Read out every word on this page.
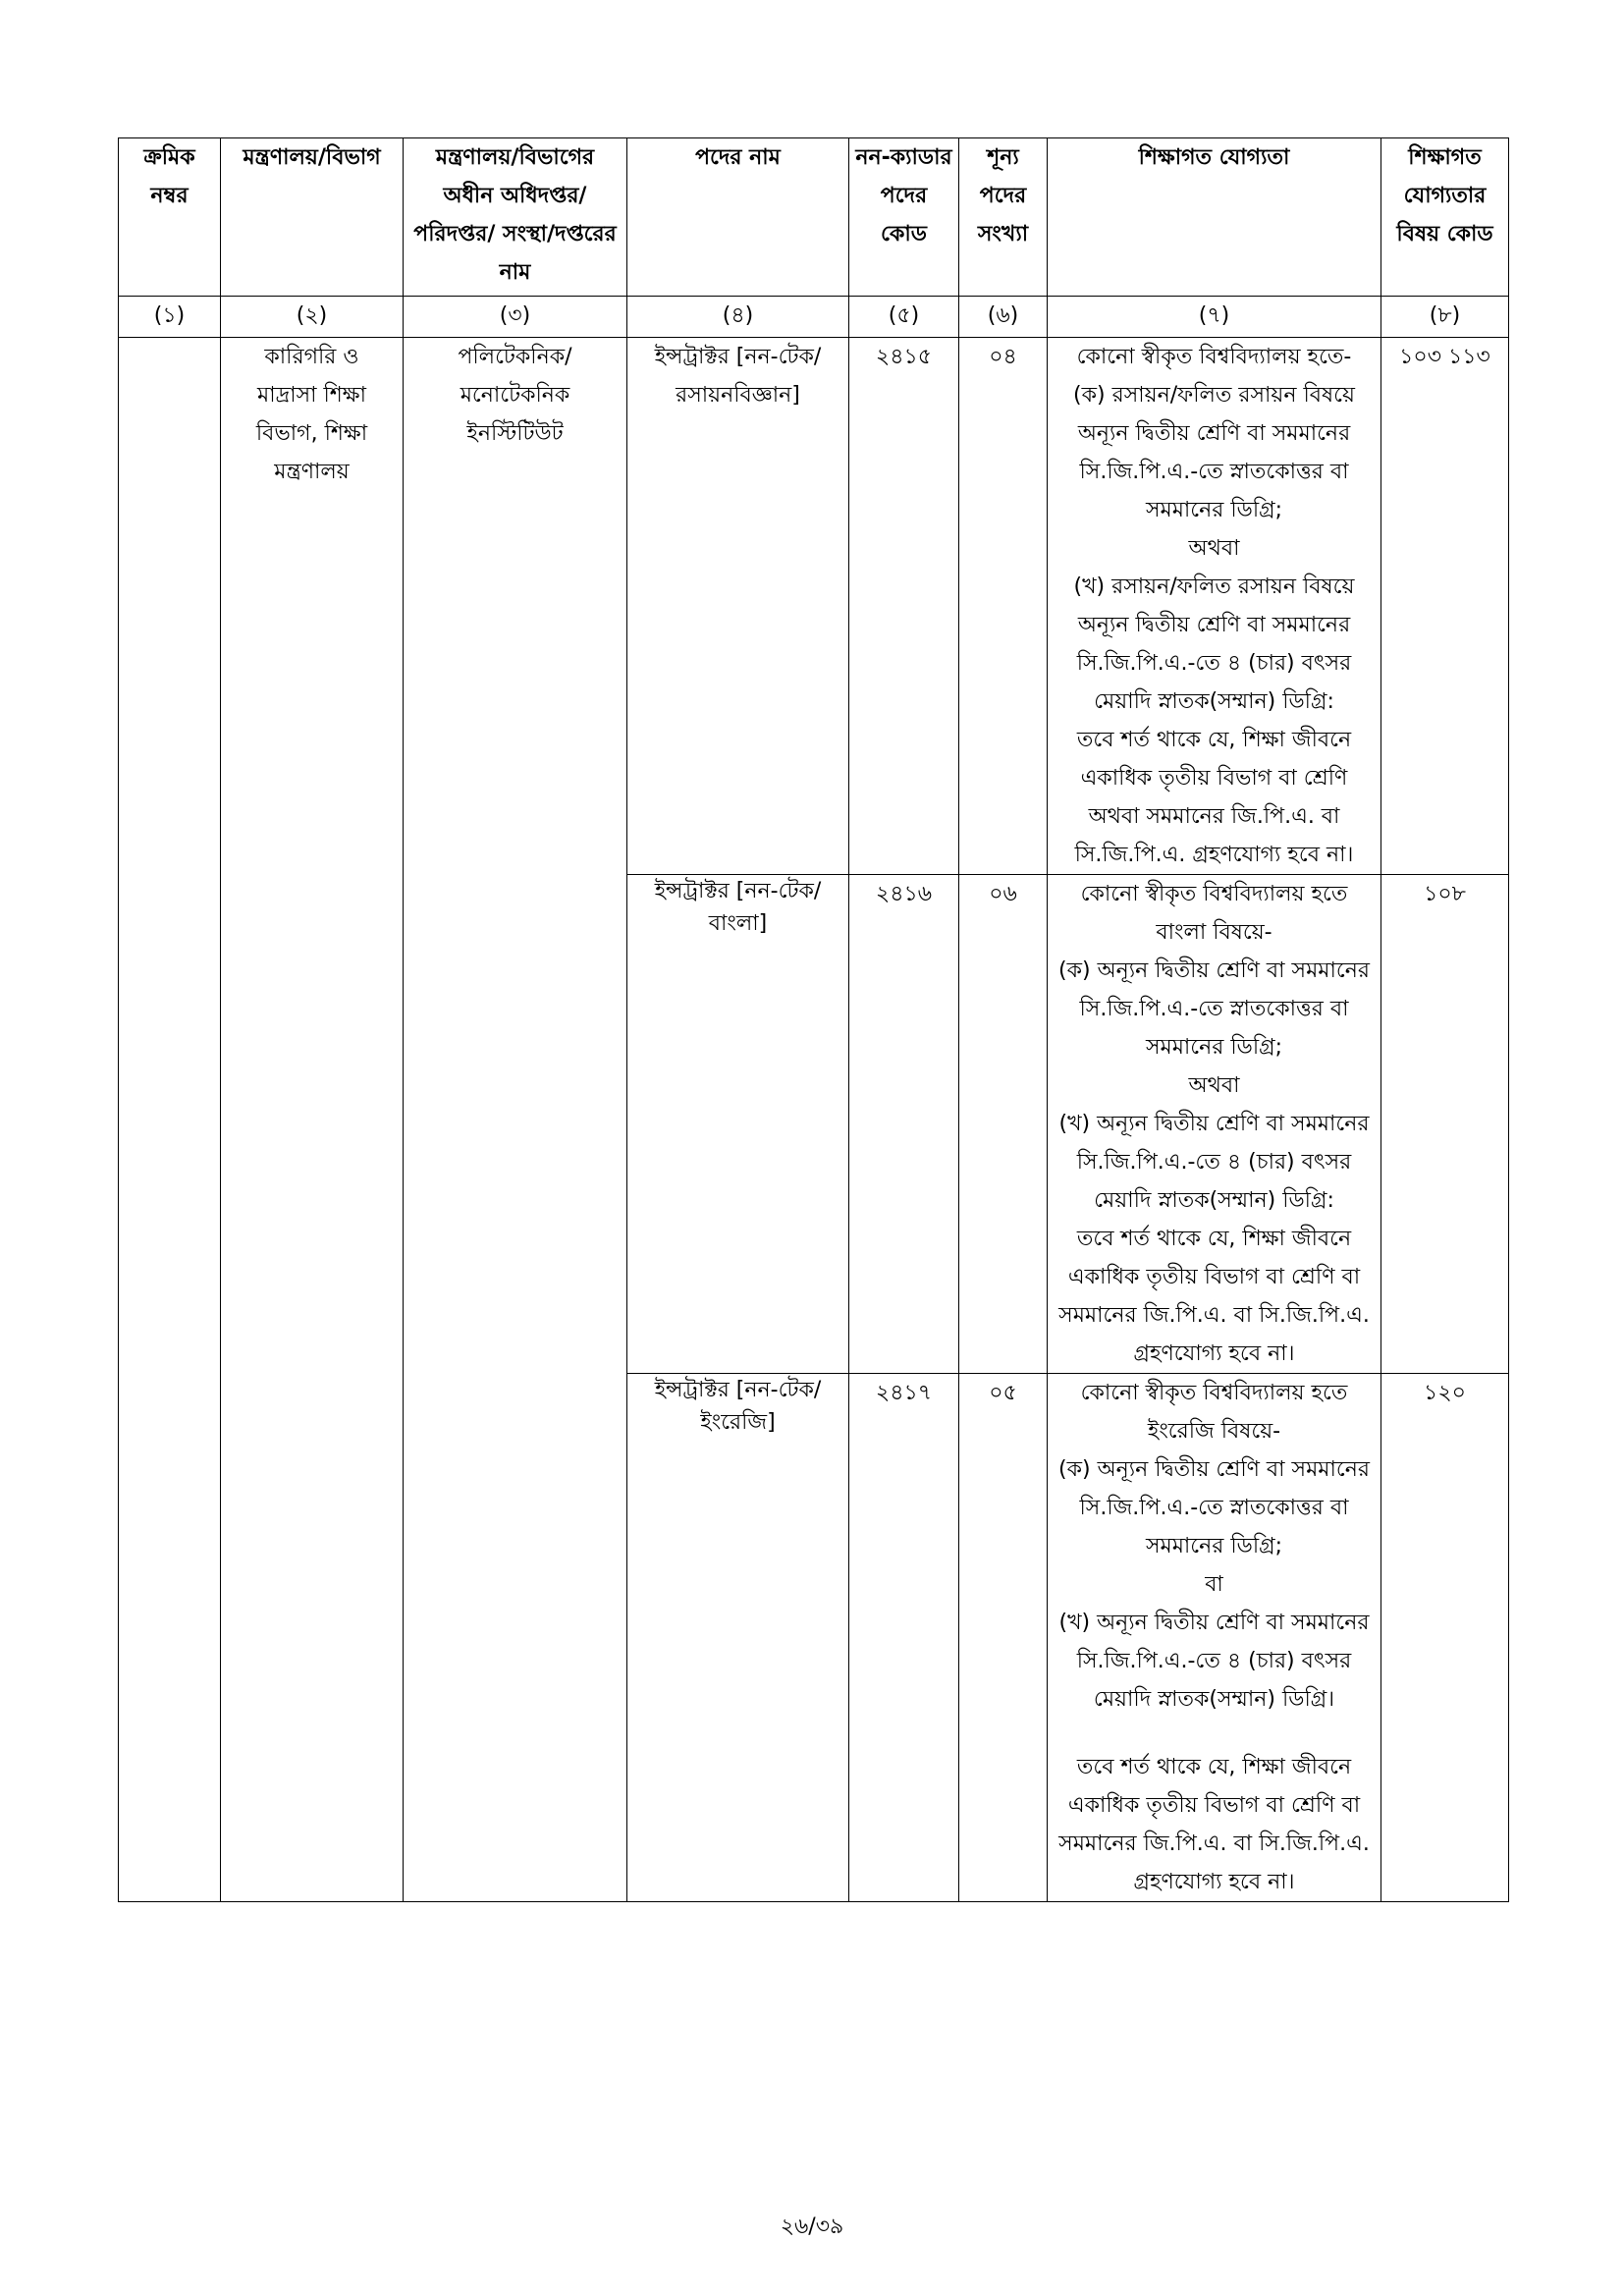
ক্রমিক নম্বর	মন্ত্রণালয়/বিভাগ	মন্ত্রণালয়/বিভাগের অধীন অধিদপ্তর/পরিদপ্তর/ সংস্থা/দপ্তরের নাম	পদের নাম	নন-ক্যাডার পদের কোড	শূন্য পদের সংখ্যা	শিক্ষাগত যোগ্যতা	শিক্ষাগত যোগ্যতার বিষয় কোড
(১)	(২)	(৩)	(৪)	(৫)	(৬)	(৭)	(৮)

	কারিগরি ও মাদ্রাসা শিক্ষা বিভাগ, শিক্ষা মন্ত্রণালয়	পলিটেকনিক/মনোটেকনিক ইনস্টিটিউট	ইন্সট্রাক্টর [নন-টেক/রসায়নবিজ্ঞান]	২৪১৫	০৪	কোনো স্বীকৃত বিশ্ববিদ্যালয় হতে-
(ক) রসায়ন/ফলিত রসায়ন বিষয়ে অন্যূন দ্বিতীয় শ্রেণি বা সমমানের সি.জি.পি.এ.-তে স্নাতকোত্তর বা সমমানের ডিগ্রি;
অথবা
(খ) রসায়ন/ফলিত রসায়ন বিষয়ে অন্যূন দ্বিতীয় শ্রেণি বা সমমানের সি.জি.পি.এ.-তে ৪ (চার) বৎসর মেয়াদি স্নাতক(সম্মান) ডিগ্রি:
তবে শর্ত থাকে যে, শিক্ষা জীবনে একাধিক তৃতীয় বিভাগ বা শ্রেণি অথবা সমমানের জি.পি.এ. বা সি.জি.পি.এ. গ্রহণযোগ্য হবে না।	১০৩ ১১৩
			ইন্সট্রাক্টর [নন-টেক/বাংলা]	২৪১৬	০৬	কোনো স্বীকৃত বিশ্ববিদ্যালয় হতে বাংলা বিষয়ে-
(ক) অন্যূন দ্বিতীয় শ্রেণি বা সমমানের সি.জি.পি.এ.-তে স্নাতকোত্তর বা সমমানের ডিগ্রি;
অথবা
(খ) অন্যূন দ্বিতীয় শ্রেণি বা সমমানের সি.জি.পি.এ.-তে ৪ (চার) বৎসর মেয়াদি স্নাতক(সম্মান) ডিগ্রি:
তবে শর্ত থাকে যে, শিক্ষা জীবনে একাধিক তৃতীয় বিভাগ বা শ্রেণি বা সমমানের জি.পি.এ. বা সি.জি.পি.এ. গ্রহণযোগ্য হবে না।	১০৮
			ইন্সট্রাক্টর [নন-টেক/ ইংরেজি]	২৪১৭	০৫	কোনো স্বীকৃত বিশ্ববিদ্যালয় হতে ইংরেজি বিষয়ে-
(ক) অন্যূন দ্বিতীয় শ্রেণি বা সমমানের সি.জি.পি.এ.-তে স্নাতকোত্তর বা সমমানের ডিগ্রি;
বা
(খ) অন্যূন দ্বিতীয় শ্রেণি বা সমমানের সি.জি.পি.এ.-তে ৪ (চার) বৎসর মেয়াদি স্নাতক(সম্মান) ডিগ্রি।
তবে শর্ত থাকে যে, শিক্ষা জীবনে একাধিক তৃতীয় বিভাগ বা শ্রেণি বা সমমানের জি.পি.এ. বা সি.জি.পি.এ. গ্রহণযোগ্য হবে না।	১২০
২৬/৩৯
